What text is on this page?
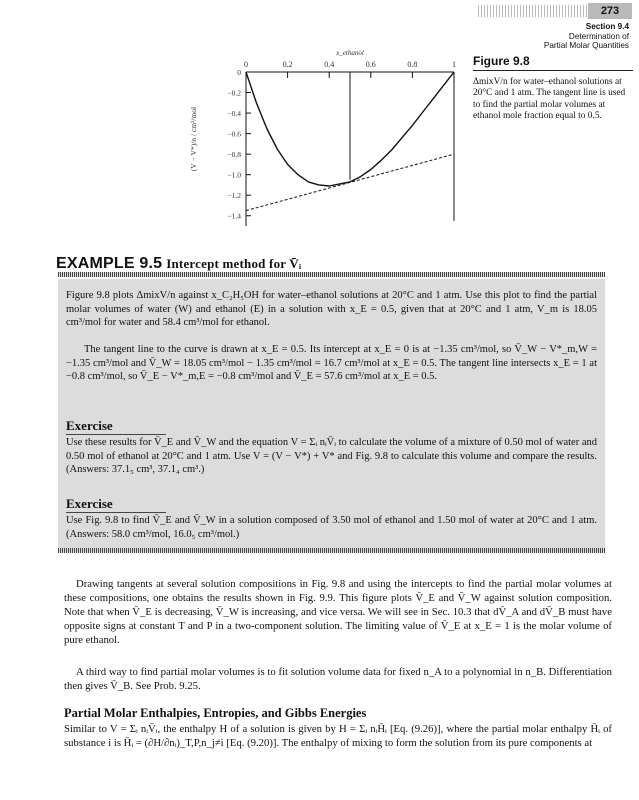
273
Section 9.4
Determination of
Partial Molar Quantities
0	0.2	0.4	0.6	0.8	1
0
−0.2
−0.4
−0.6
−0.8
−1.0
−1.2
−1.4
x_ethanol
(V − V*)/n / cm³/mol
Figure 9.8
ΔmixV/n for water–ethanol solutions at 20°C and 1 atm. The tangent line is used to find the partial molar volumes at ethanol mole fraction equal to 0.5.
EXAMPLE 9.5 Intercept method for V̄ᵢ
Figure 9.8 plots ΔmixV/n against x_C₂H₅OH for water–ethanol solutions at 20°C and 1 atm. Use this plot to find the partial molar volumes of water (W) and ethanol (E) in a solution with x_E = 0.5, given that at 20°C and 1 atm, V_m is 18.05 cm³/mol for water and 58.4 cm³/mol for ethanol.
The tangent line to the curve is drawn at x_E = 0.5. Its intercept at x_E = 0 is at −1.35 cm³/mol, so V̄_W − V*_m,W = −1.35 cm³/mol and V̄_W = 18.05 cm³/mol − 1.35 cm³/mol = 16.7 cm³/mol at x_E = 0.5. The tangent line intersects x_E = 1 at −0.8 cm³/mol, so V̄_E − V*_m,E = −0.8 cm³/mol and V̄_E = 57.6 cm³/mol at x_E = 0.5.
Exercise
Use these results for V̄_E and V̄_W and the equation V = Σᵢ nᵢV̄ᵢ to calculate the volume of a mixture of 0.50 mol of water and 0.50 mol of ethanol at 20°C and 1 atm. Use V = (V − V*) + V* and Fig. 9.8 to calculate this volume and compare the results. (Answers: 37.1₅ cm³, 37.1₄ cm³.)
Exercise
Use Fig. 9.8 to find V̄_E and V̄_W in a solution composed of 3.50 mol of ethanol and 1.50 mol of water at 20°C and 1 atm. (Answers: 58.0 cm³/mol, 16.0₅ cm³/mol.)
Drawing tangents at several solution compositions in Fig. 9.8 and using the intercepts to find the partial molar volumes at these compositions, one obtains the results shown in Fig. 9.9. This figure plots V̄_E and V̄_W against solution composition. Note that when V̄_E is decreasing, V̄_W is increasing, and vice versa. We will see in Sec. 10.3 that dV̄_A and dV̄_B must have opposite signs at constant T and P in a two-component solution. The limiting value of V̄_E at x_E = 1 is the molar volume of pure ethanol.
A third way to find partial molar volumes is to fit solution volume data for fixed n_A to a polynomial in n_B. Differentiation then gives V̄_B. See Prob. 9.25.
Partial Molar Enthalpies, Entropies, and Gibbs Energies
Similar to V = Σᵢ nᵢV̄ᵢ, the enthalpy H of a solution is given by H = Σᵢ nᵢH̄ᵢ [Eq. (9.26)], where the partial molar enthalpy H̄ᵢ of substance i is H̄ᵢ = (∂H/∂nᵢ)_T,P,n_j≠i [Eq. (9.20)]. The enthalpy of mixing to form the solution from its pure components at
